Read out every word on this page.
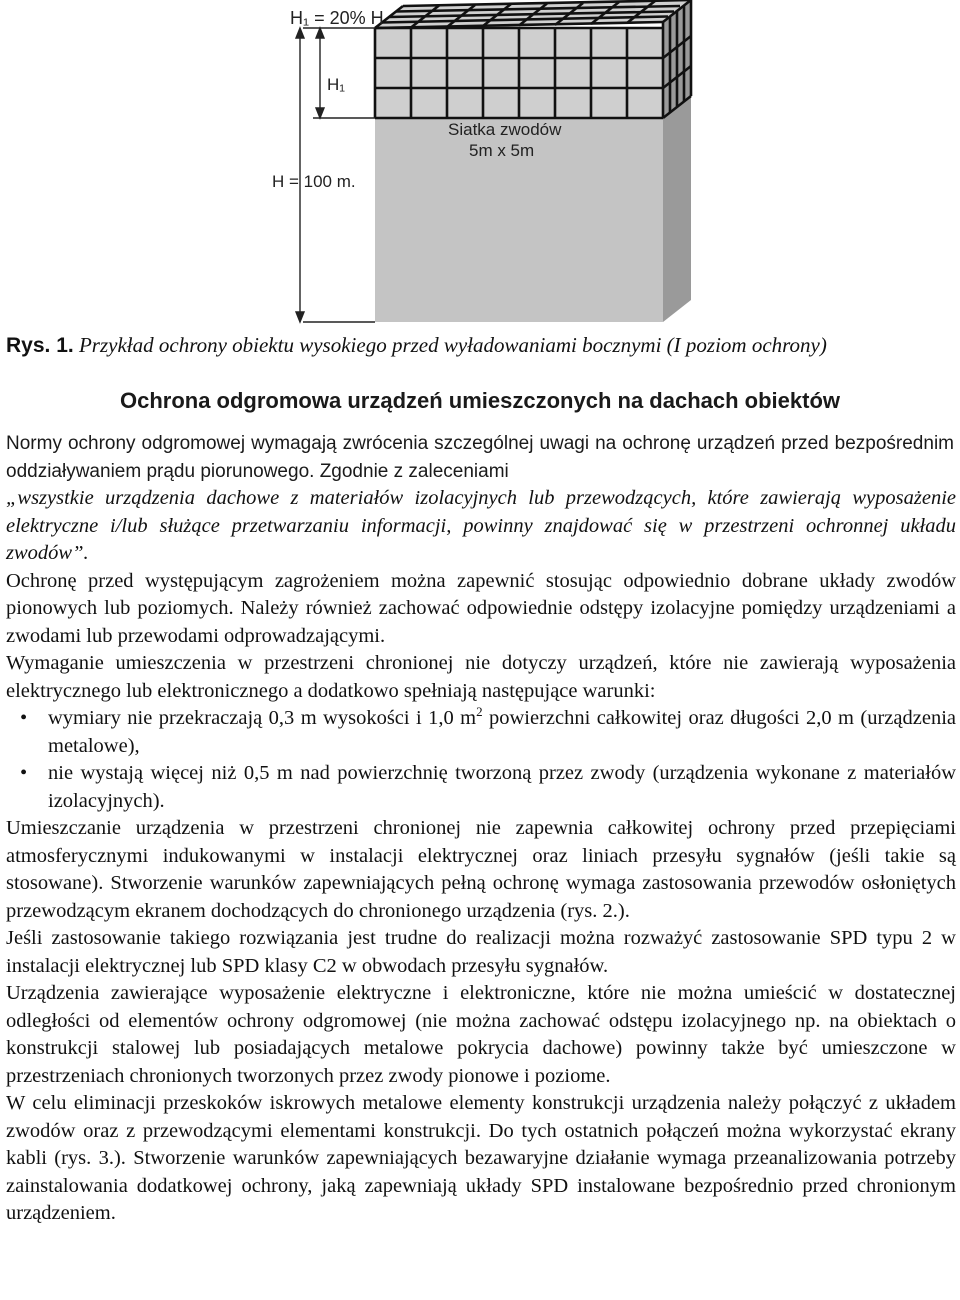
H₁ = 20% H
H₁
Siatka zwodów
5m x 5m
H = 100 m.
Rys. 1. Przykład ochrony obiektu wysokiego przed wyładowaniami bocznymi (I poziom ochrony)
Ochrona odgromowa urządzeń umieszczonych na dachach obiektów
Normy ochrony odgromowej wymagają zwrócenia szczególnej uwagi na ochronę urządzeń przed bezpośrednim oddziaływaniem prądu piorunowego. Zgodnie z zaleceniami

„wszystkie urządzenia dachowe z materiałów izolacyjnych lub przewodzących, które zawierają wyposażenie elektryczne i/lub służące przetwarzaniu informacji, powinny znajdować się w przestrzeni ochronnej układu zwodów”.

Ochronę przed występującym zagrożeniem można zapewnić stosując odpowiednio dobrane układy zwodów pionowych lub poziomych. Należy również zachować odpowiednie odstępy izolacyjne pomiędzy urządzeniami a zwodami lub przewodami odprowadzającymi.

Wymaganie umieszczenia w przestrzeni chronionej nie dotyczy urządzeń, które nie zawierają wyposażenia elektrycznego lub elektronicznego a dodatkowo spełniają następujące warunki:

• wymiary nie przekraczają 0,3 m wysokości i 1,0 $m^2$ powierzchni całkowitej oraz długości 2,0 m (urządzenia metalowe),
• nie wystają więcej niż 0,5 m nad powierzchnię tworzoną przez zwody (urządzenia wykonane z materiałów izolacyjnych).

Umieszczanie urządzenia w przestrzeni chronionej nie zapewnia całkowitej ochrony przed przepięciami atmosferycznymi indukowanymi w instalacji elektrycznej oraz liniach przesyłu sygnałów (jeśli takie są stosowane). Stworzenie warunków zapewniających pełną ochronę wymaga zastosowania przewodów osłoniętych przewodzącym ekranem dochodzących do chronionego urządzenia (rys. 2.).

Jeśli zastosowanie takiego rozwiązania jest trudne do realizacji można rozważyć zastosowanie SPD typu 2 w instalacji elektrycznej lub SPD klasy C2 w obwodach przesyłu sygnałów.

Urządzenia zawierające wyposażenie elektryczne i elektroniczne, które nie można umieścić w dostatecznej odległości od elementów ochrony odgromowej (nie można zachować odstępu izolacyjnego np. na obiektach o konstrukcji stalowej lub posiadających metalowe pokrycia dachowe) powinny także być umieszczone w przestrzeniach chronionych tworzonych przez zwody pionowe i poziome.

W celu eliminacji przeskoków iskrowych metalowe elementy konstrukcji urządzenia należy połączyć z układem zwodów oraz z przewodzącymi elementami konstrukcji. Do tych ostatnich połączeń można wykorzystać ekrany kabli (rys. 3.). Stworzenie warunków zapewniających bezawaryjne działanie wymaga przeanalizowania potrzeby zainstalowania dodatkowej ochrony, jaką zapewniają układy SPD instalowane bezpośrednio przed chronionym urządzeniem.
